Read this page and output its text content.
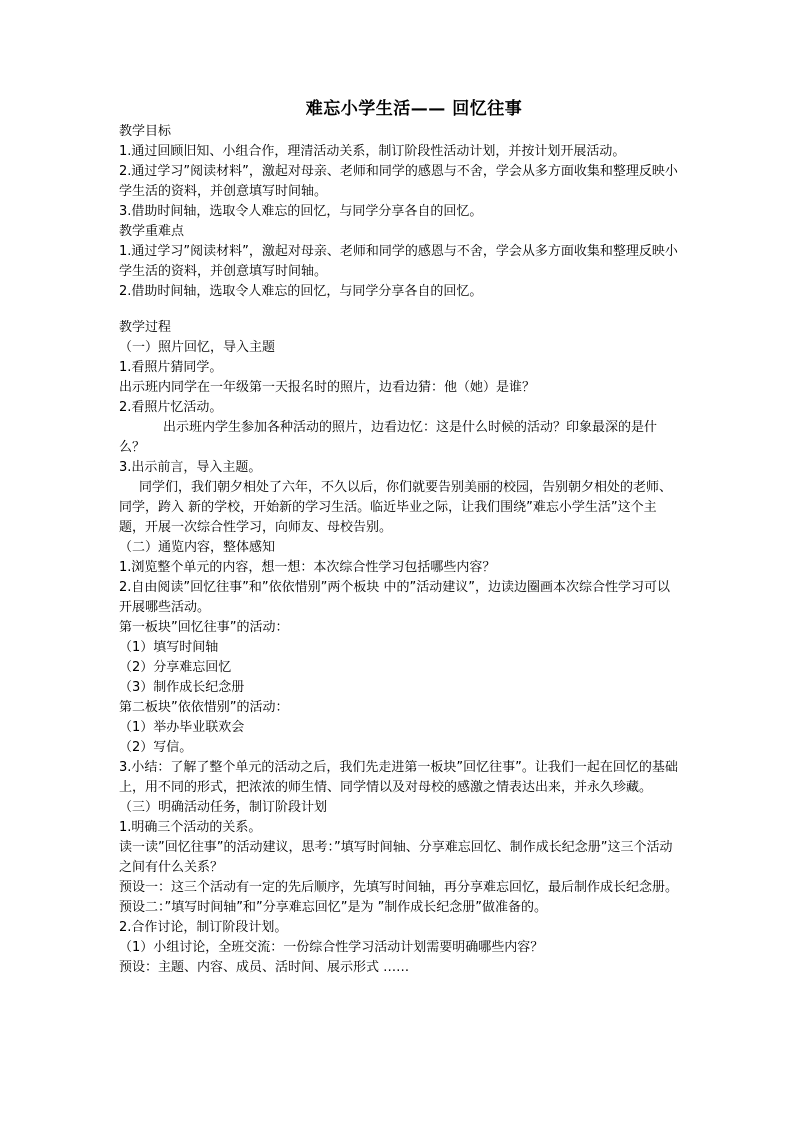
难忘小学生活—— 回忆往事

教学目标

1.通过回顾旧知、小组合作，理清活动关系，制订阶段性活动计划，并按计划开展活动。

2.通过学习”阅读材料”，激起对母亲、老师和同学的感恩与不舍，学会从多方面收集和整理反映小学生活的资料，并创意填写时间轴。

3.借助时间轴，选取令人难忘的回忆，与同学分享各自的回忆。

教学重难点

1.通过学习”阅读材料”，激起对母亲、老师和同学的感恩与不舍，学会从多方面收集和整理反映小学生活的资料，并创意填写时间轴。

2.借助时间轴，选取令人难忘的回忆，与同学分享各自的回忆。

教学过程

（一）照片回忆，导入主题

1.看照片猜同学。

出示班内同学在一年级第一天报名时的照片，边看边猜：他（她）是谁？

2.看照片忆活动。

出示班内学生参加各种活动的照片，边看边忆：这是什么时候的活动？印象最深的是什么？

3.出示前言，导入主题。

同学们，我们朝夕相处了六年，不久以后，你们就要告别美丽的校园，告别朝夕相处的老师、同学，跨入 新的学校，开始新的学习生活。临近毕业之际，让我们围绕”难忘小学生活”这个主题，开展一次综合性学习，向师友、母校告别。

（二）通览内容，整体感知

1.浏览整个单元的内容，想一想：本次综合性学习包括哪些内容？

2.自由阅读”回忆往事”和”依依惜别”两个板块 中的”活动建议”，边读边圈画本次综合性学习可以开展哪些活动。

第一板块”回忆往事”的活动：

（1）填写时间轴

（2）分享难忘回忆

（3）制作成长纪念册

第二板块”依依惜别”的活动：

（1）举办毕业联欢会

（2）写信。

3.小结：了解了整个单元的活动之后，我们先走进第一板块”回忆往事”。让我们一起在回忆的基础上，用不同的形式，把浓浓的师生情、同学情以及对母校的感激之情表达出来，并永久珍藏。

（三）明确活动任务，制订阶段计划

1.明确三个活动的关系。

读一读”回忆往事”的活动建议，思考：”填写时间轴、分享难忘回忆、制作成长纪念册”这三个活动之间有什么关系？

预设一：这三个活动有一定的先后顺序，先填写时间轴，再分享难忘回忆，最后制作成长纪念册。

预设二：”填写时间轴”和”分享难忘回忆”是为 ”制作成长纪念册”做准备的。

2.合作讨论，制订阶段计划。

（1）小组讨论，全班交流：一份综合性学习活动计划需要明确哪些内容？

预设：主题、内容、成员、活时间、展示形式 ……
